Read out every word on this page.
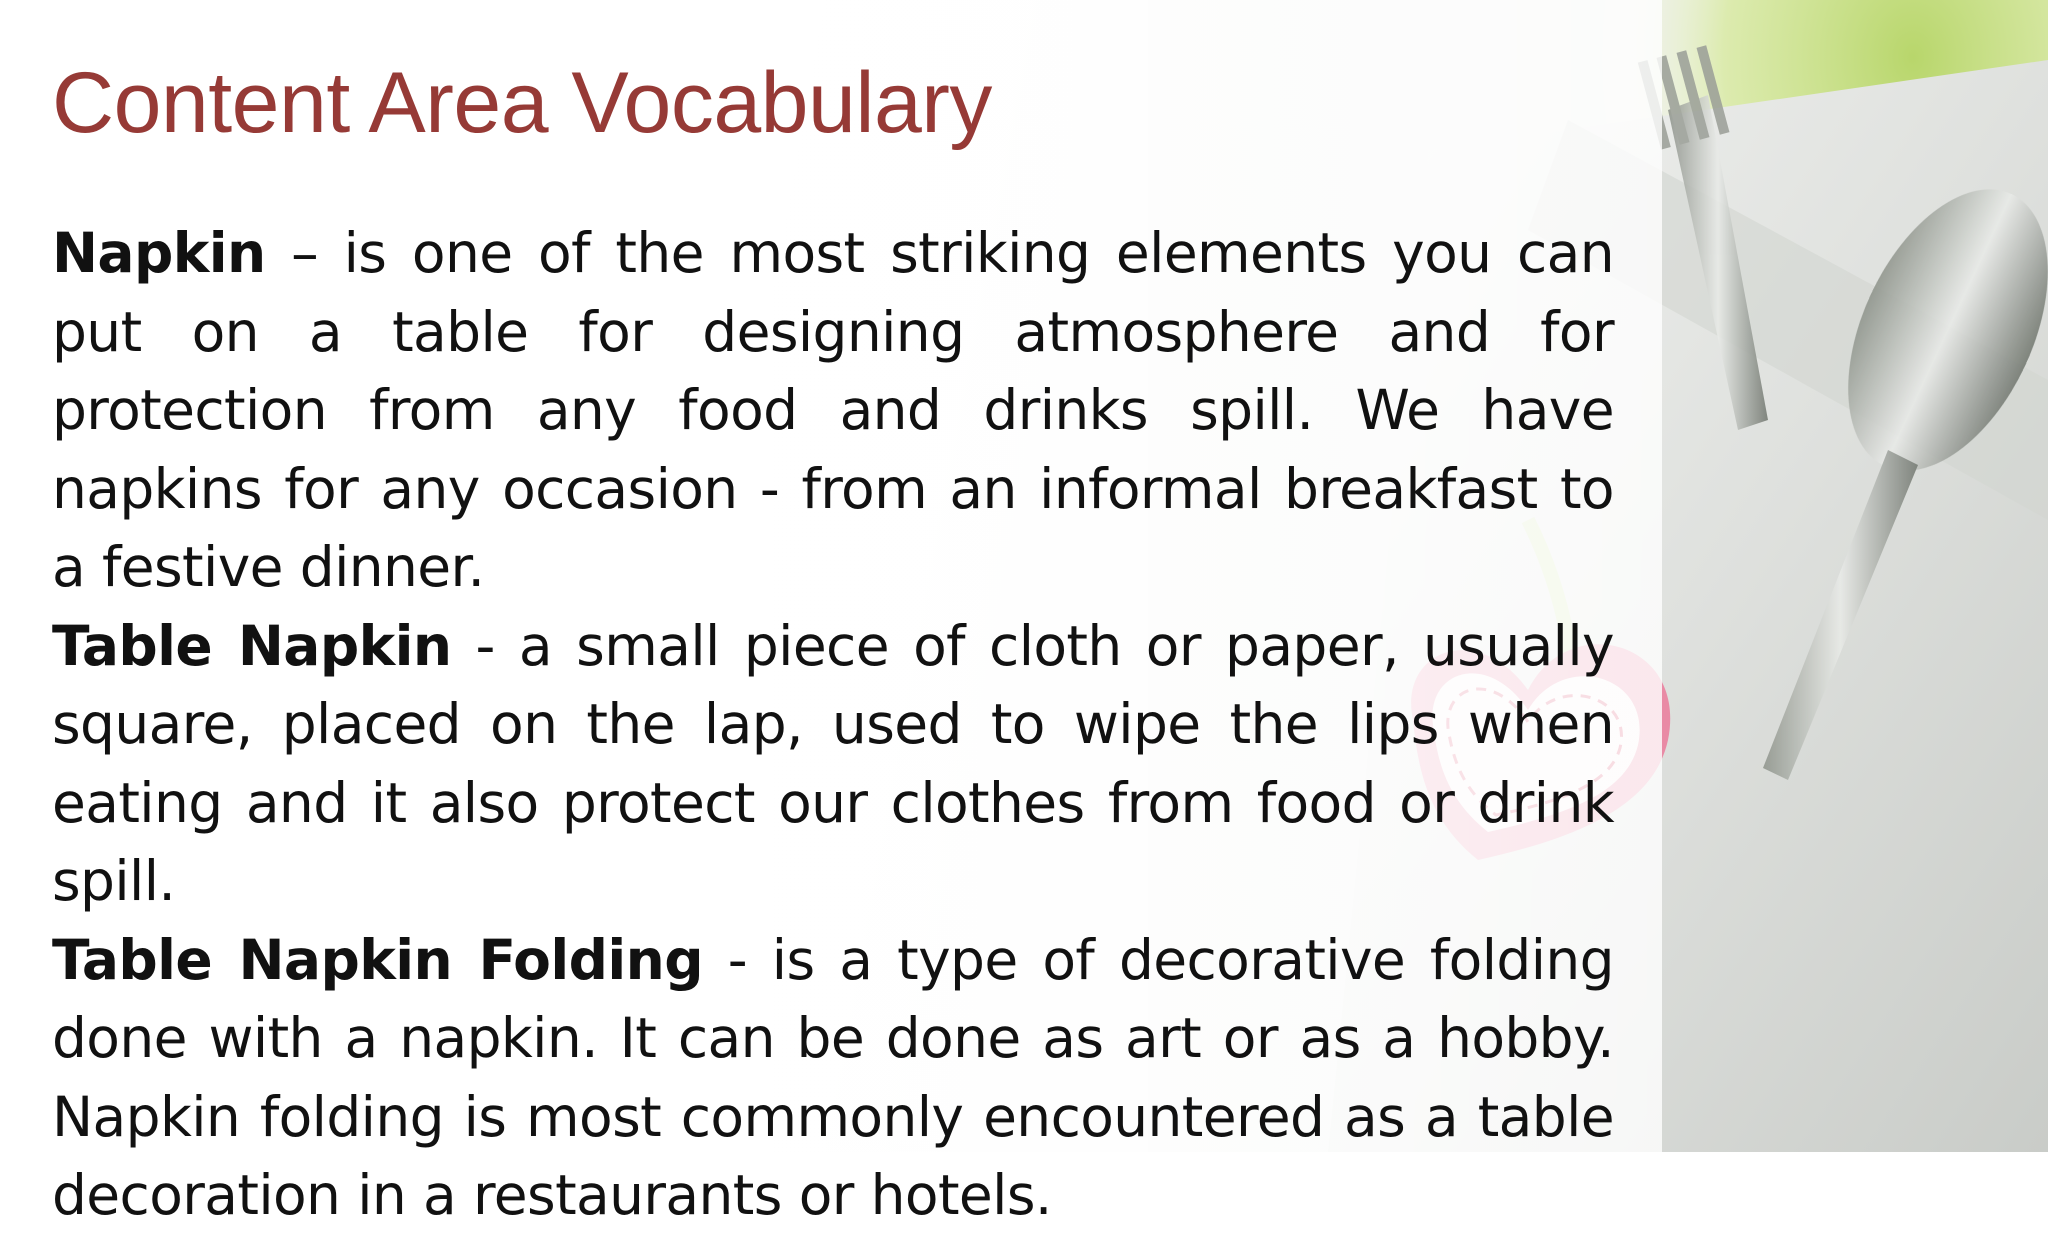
Content Area Vocabulary

Napkin – is one of the most striking elements you can put on a table for designing atmosphere and for protection from any food and drinks spill. We have napkins for any occasion - from an informal breakfast to a festive dinner.

Table Napkin - a small piece of cloth or paper, usually square, placed on the lap, used to wipe the lips when eating and it also protect our clothes from food or drink spill.

Table Napkin Folding - is a type of decorative folding done with a napkin. It can be done as art or as a hobby. Napkin folding is most commonly encountered as a table decoration in a restaurants or hotels.
